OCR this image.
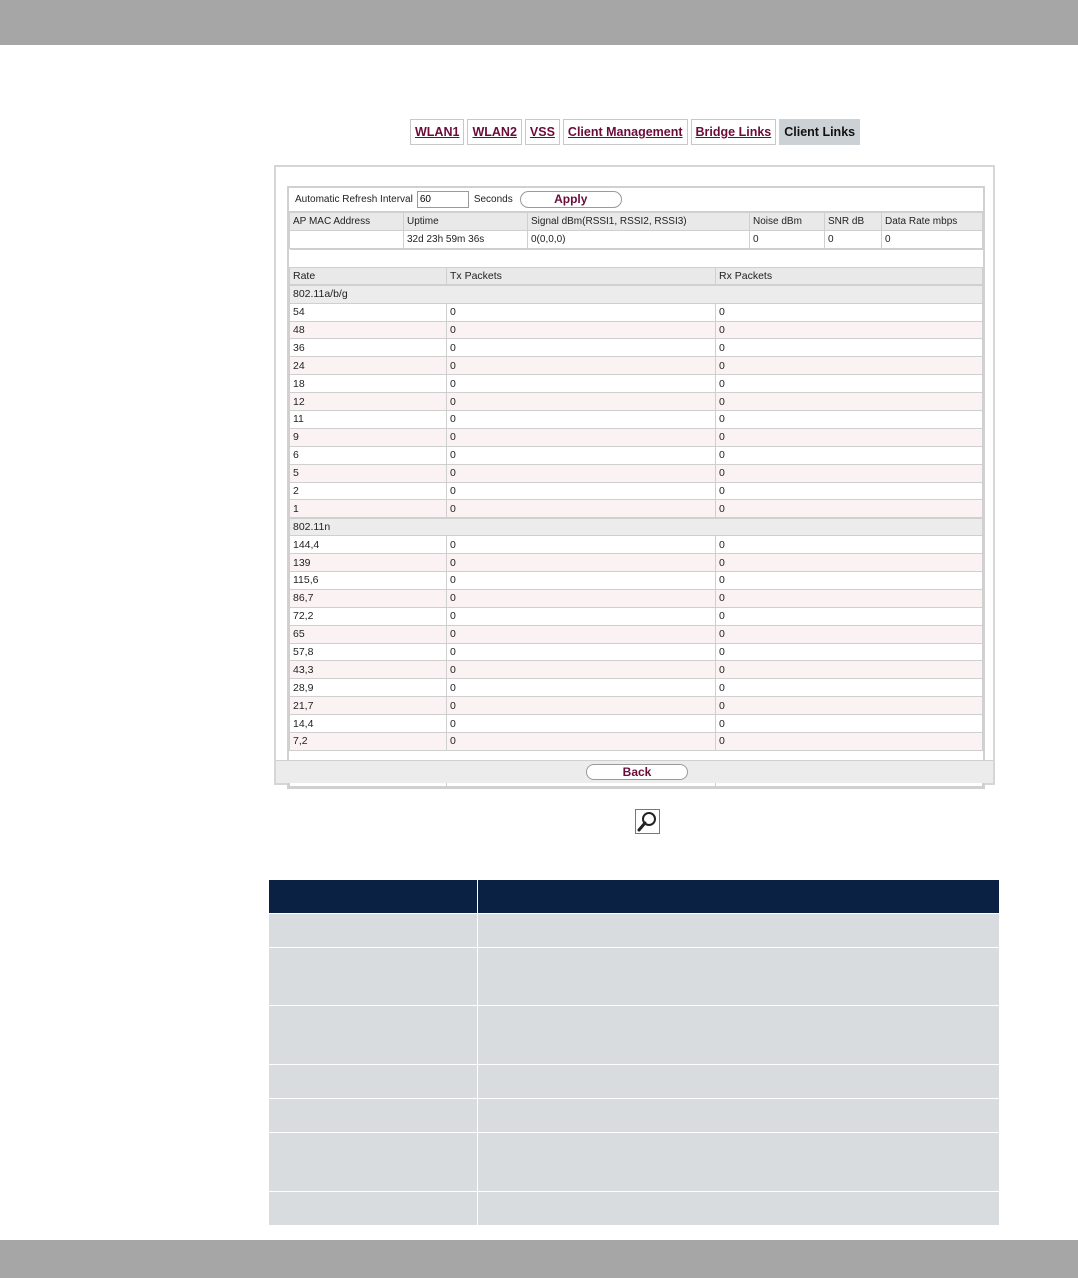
WLAN1	WLAN2	VSS	Client Management	Bridge Links	Client Links
Automatic Refresh Interval
60	Seconds	Apply
AP MAC Address	Uptime	Signal dBm(RSSI1, RSSI2, RSSI3)	Noise dBm	SNR dB	Data Rate mbps
	32d 23h 59m 36s	0(0,0,0)	0	0	0

Rate	Tx Packets	Rx Packets
802.11a/b/g		
54	0	0
48	0	0
36	0	0
24	0	0
18	0	0
12	0	0
11	0	0
9	0	0
6	0	0
5	0	0
2	0	0
1	0	0
802.11n		
144,4	0	0
139	0	0
115,6	0	0
86,7	0	0
72,2	0	0
65	0	0
57,8	0	0
43,3	0	0
28,9	0	0
21,7	0	0
14,4	0	0
7,2	0	0

Back
